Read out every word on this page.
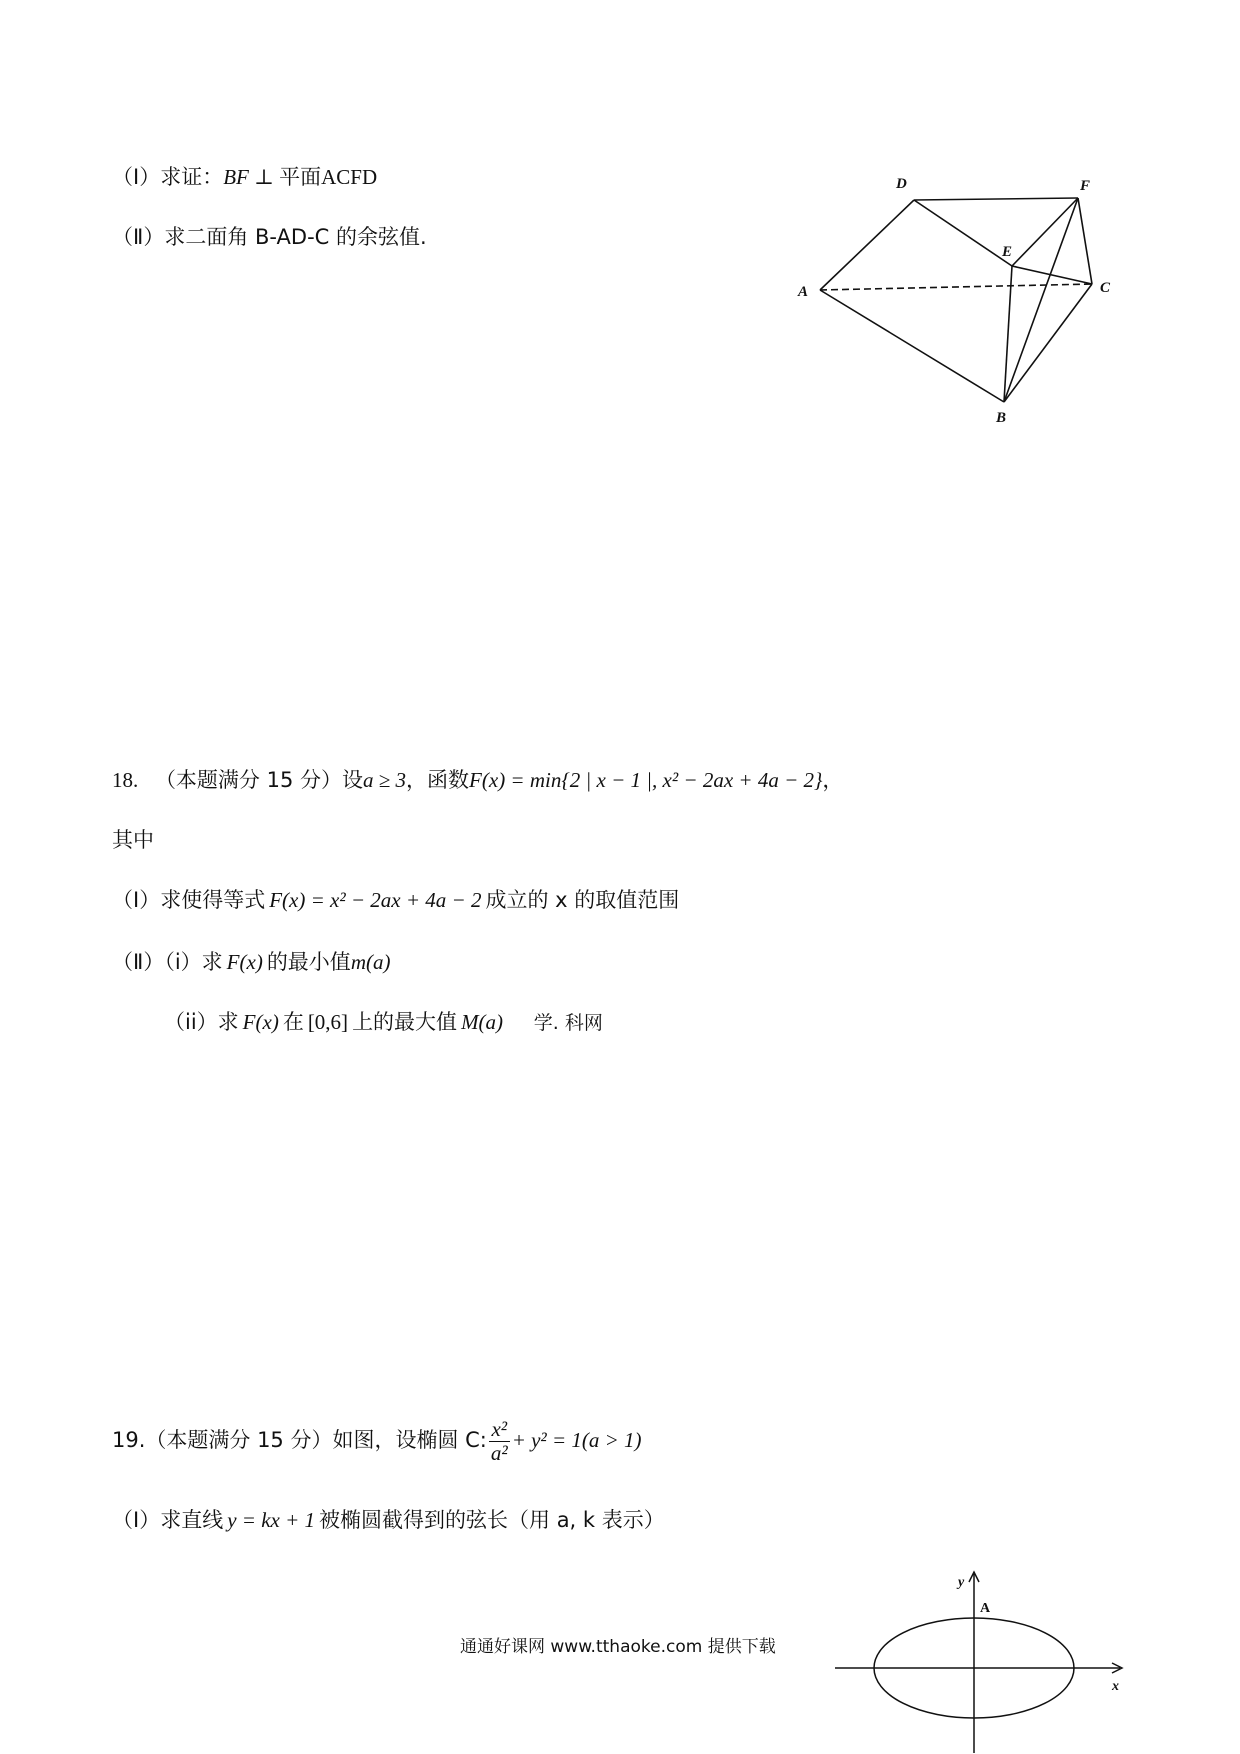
（Ⅰ）求证：BF ⊥ 平面ACFD
（Ⅱ）求二面角 B-AD-C 的余弦值.
D	F
E
A	C
B
18. （本题满分 15 分）设a ≥ 3，函数F(x) = min{2 | x − 1 |, x² − 2ax + 4a − 2}，
其中
（Ⅰ）求使得等式 F(x) = x² − 2ax + 4a − 2 成立的 x 的取值范围
（Ⅱ）（i）求 F(x) 的最小值m(a)
（ii）求 F(x) 在 [0,6] 上的最大值 M(a) 学. 科网
19.（本题满分 15 分）如图，设椭圆 C: $\frac{\text{x²}}{\text{a²}} + y^2 = 1(a > 1)$
（Ⅰ）求直线 y = kx + 1 被椭圆截得到的弦长（用 a, k 表示）
y
A
x
通通好课网 www.tthaoke.com 提供下载
